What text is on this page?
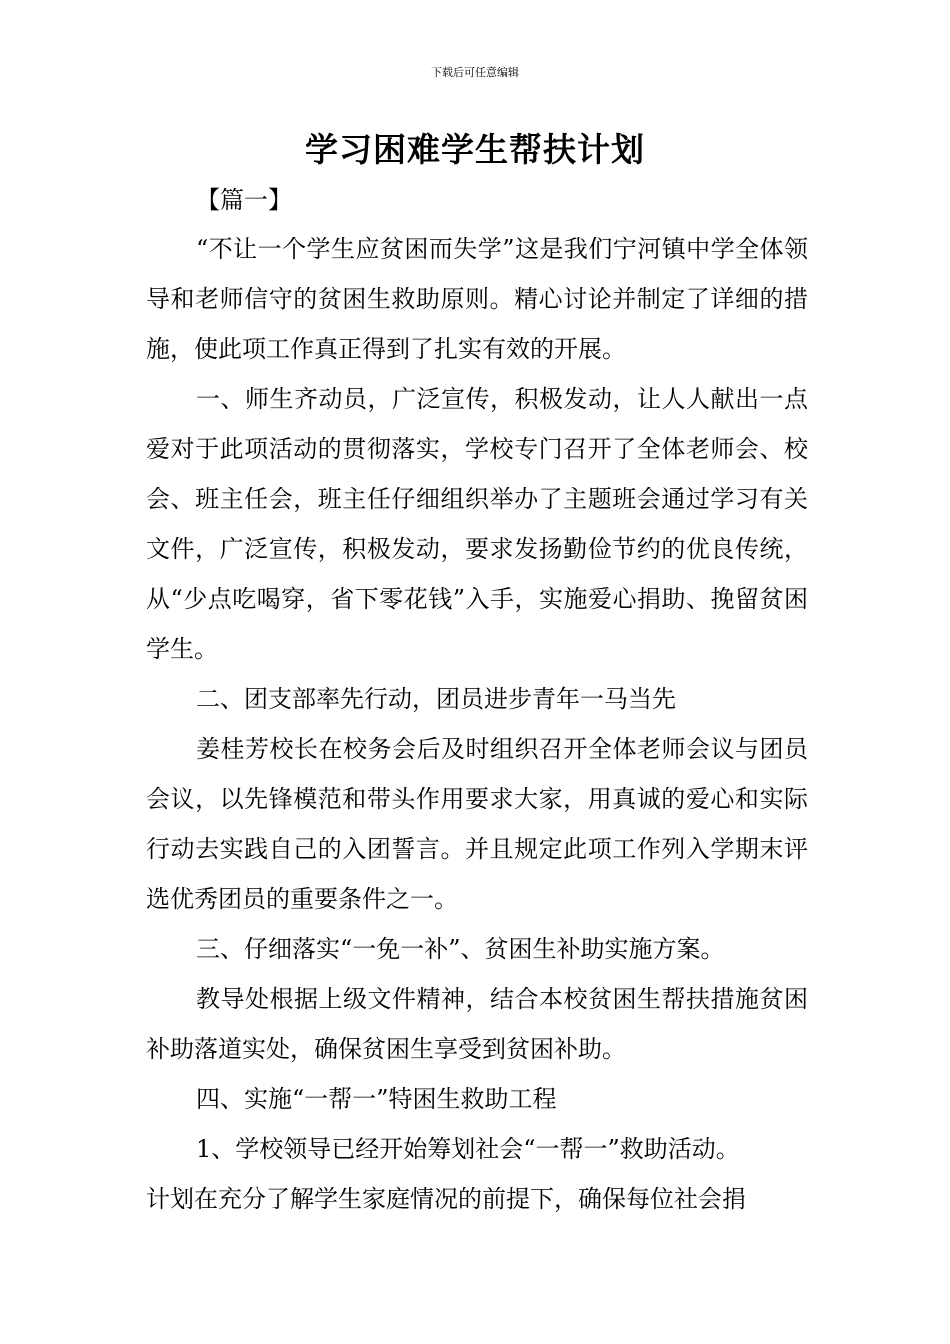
下载后可任意编辑
学习困难学生帮扶计划
【篇一】

“不让一个学生应贫困而失学”这是我们宁河镇中学全体领导和老师信守的贫困生救助原则。精心讨论并制定了详细的措施，使此项工作真正得到了扎实有效的开展。

一、师生齐动员，广泛宣传，积极发动，让人人献出一点爱对于此项活动的贯彻落实，学校专门召开了全体老师会、校会、班主任会，班主任仔细组织举办了主题班会通过学习有关文件，广泛宣传，积极发动，要求发扬勤俭节约的优良传统，从“少点吃喝穿，省下零花钱”入手，实施爱心捐助、挽留贫困学生。

二、团支部率先行动，团员进步青年一马当先

姜桂芳校长在校务会后及时组织召开全体老师会议与团员会议，以先锋模范和带头作用要求大家，用真诚的爱心和实际行动去实践自己的入团誓言。并且规定此项工作列入学期末评选优秀团员的重要条件之一。

三、仔细落实“一免一补”、贫困生补助实施方案。

教导处根据上级文件精神，结合本校贫困生帮扶措施贫困补助落道实处，确保贫困生享受到贫困补助。

四、实施“一帮一”特困生救助工程

1、学校领导已经开始筹划社会“一帮一”救助活动。

计划在充分了解学生家庭情况的前提下，确保每位社会捐
